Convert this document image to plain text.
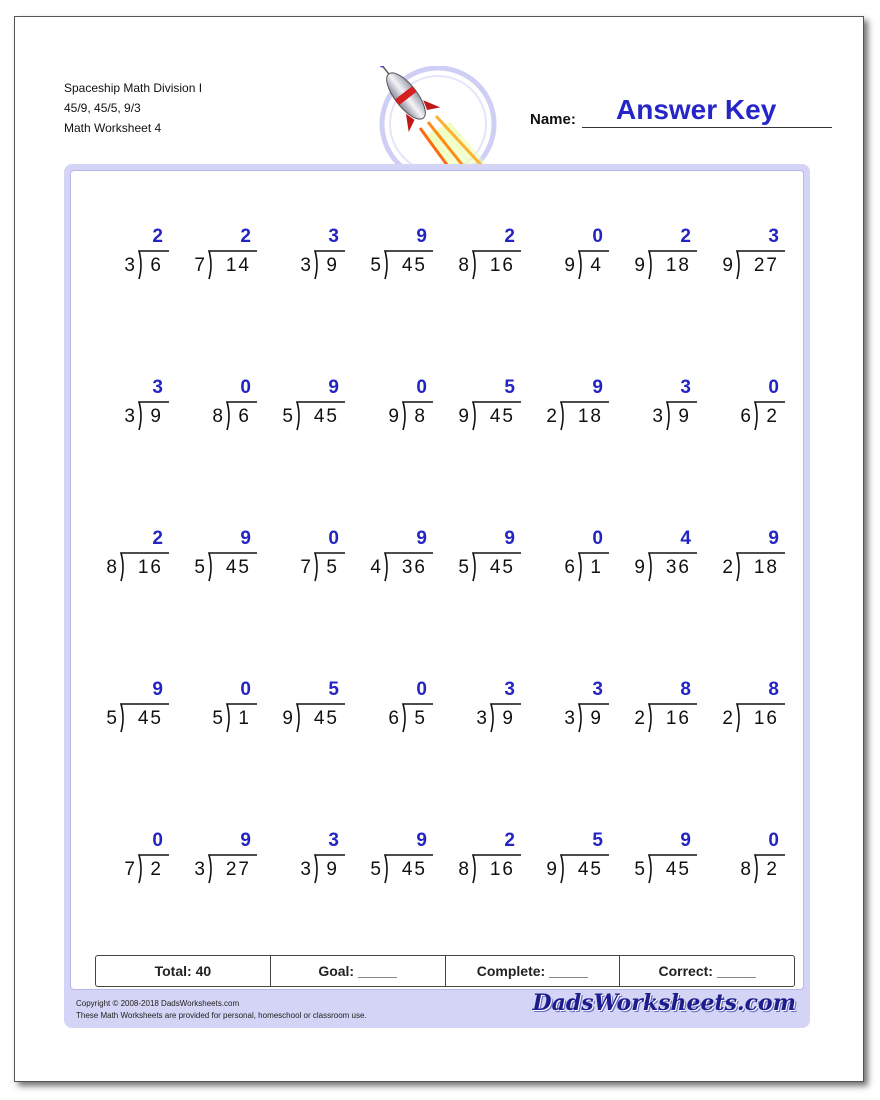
Spaceship Math Division I
45/9, 45/5, 9/3
Math Worksheet 4	Name: Answer Key
2
3 6
2
7 14
3
3 9
9
5 45
2
8 16
0
9 4
2
9 18
3
9 27
3
3 9
0
8 6
9
5 45
0
9 8
5
9 45
9
2 18
3
3 9
0
6 2
2
8 16
9
5 45
0
7 5
9
4 36
9
5 45
0
6 1
4
9 36
9
2 18
9
5 45
0
5 1
5
9 45
0
6 5
3
3 9
3
3 9
8
2 16
8
2 16
0
7 2
9
3 27
3
3 9
9
5 45
2
8 16
5
9 45
9
5 45
0
8 2
Total: 40	Goal: _____	Complete: _____	Correct: _____
Copyright © 2008-2018 DadsWorksheets.com
These Math Worksheets are provided for personal, homeschool or classroom use.	DadsWorksheets.com
